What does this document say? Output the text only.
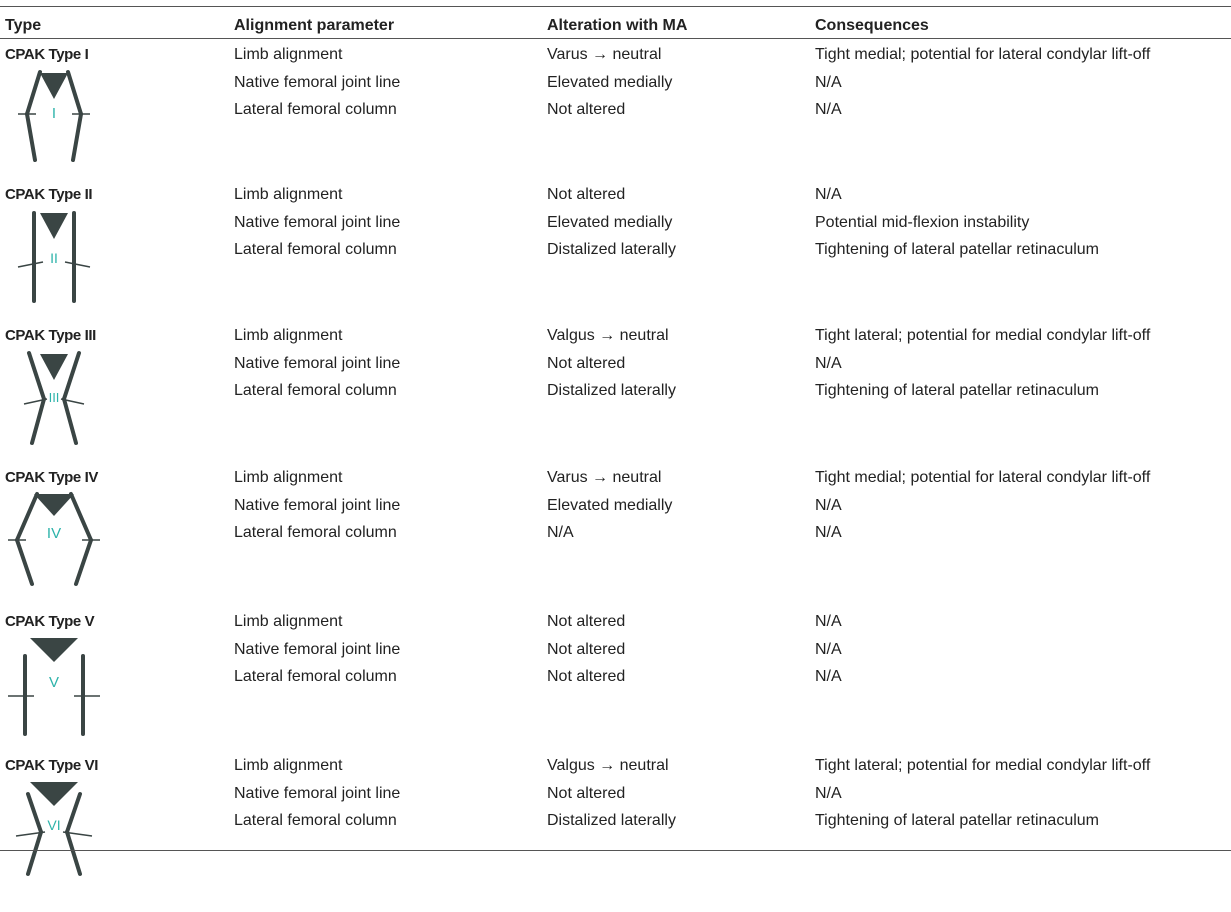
Type	Alignment parameter	Alteration with MA	Consequences
CPAK Type I
I
Limb alignment	Varus → neutral	Tight medial; potential for lateral condylar lift-off
Native femoral joint line	Elevated medially	N/A
Lateral femoral column	Not altered	N/A
CPAK Type II
II
Limb alignment	Not altered	N/A
Native femoral joint line	Elevated medially	Potential mid-flexion instability
Lateral femoral column	Distalized laterally	Tightening of lateral patellar retinaculum
CPAK Type III
III
Limb alignment	Valgus → neutral	Tight lateral; potential for medial condylar lift-off
Native femoral joint line	Not altered	N/A
Lateral femoral column	Distalized laterally	Tightening of lateral patellar retinaculum
CPAK Type IV
IV
Limb alignment	Varus → neutral	Tight medial; potential for lateral condylar lift-off
Native femoral joint line	Elevated medially	N/A
Lateral femoral column	N/A	N/A
CPAK Type V
V
Limb alignment	Not altered	N/A
Native femoral joint line	Not altered	N/A
Lateral femoral column	Not altered	N/A
CPAK Type VI
VI
Limb alignment	Valgus → neutral	Tight lateral; potential for medial condylar lift-off
Native femoral joint line	Not altered	N/A
Lateral femoral column	Distalized laterally	Tightening of lateral patellar retinaculum
